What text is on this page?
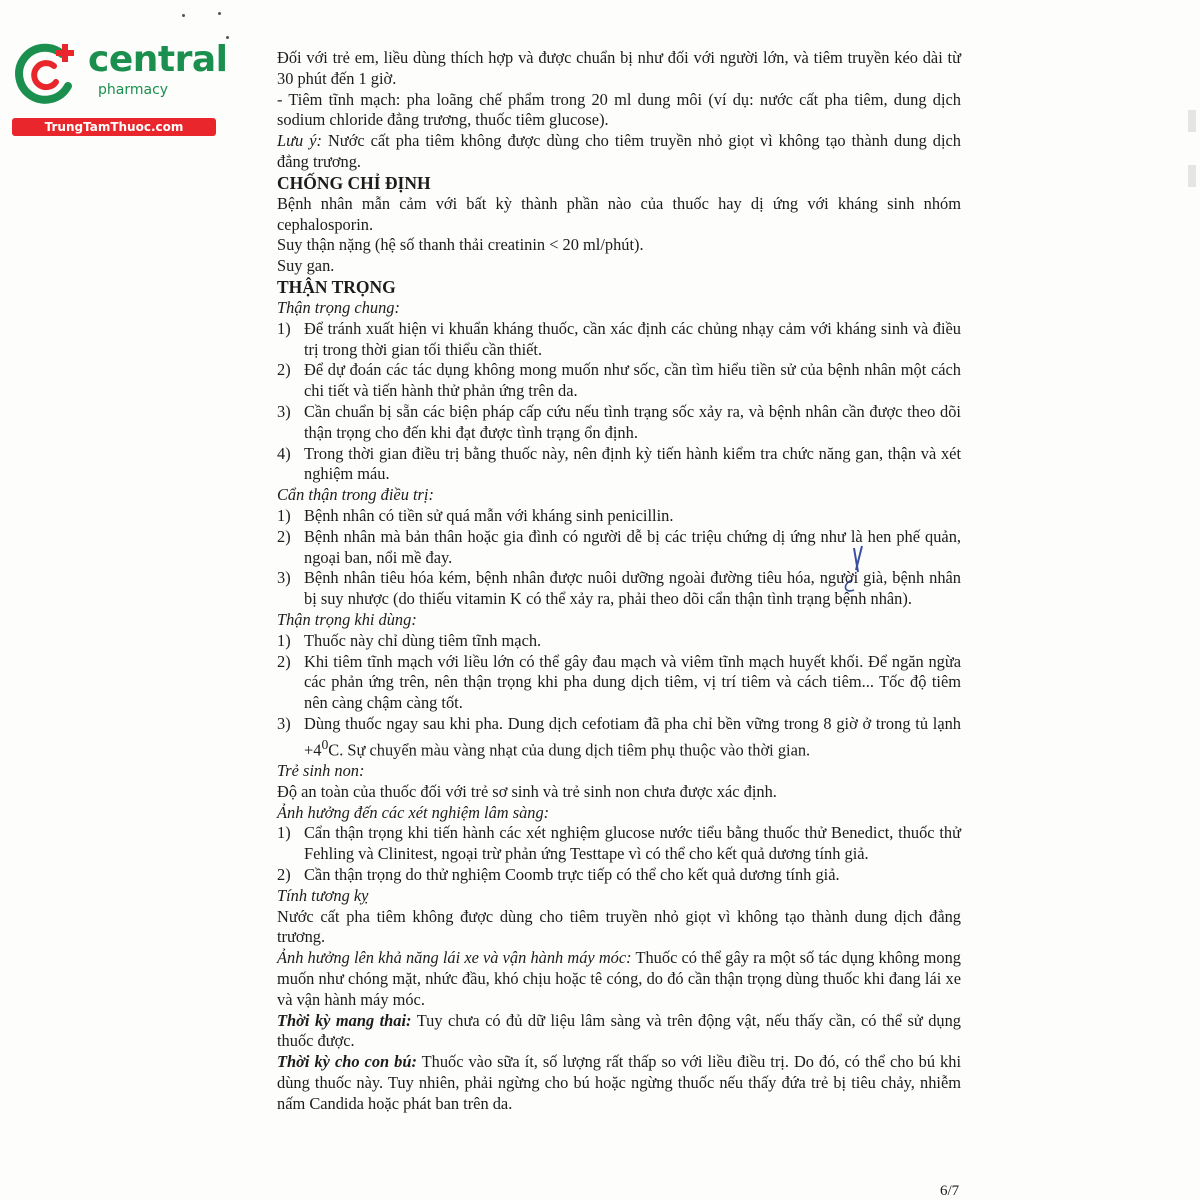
central
pharmacy
TrungTamThuoc.com

Đối với trẻ em, liều dùng thích hợp và được chuẩn bị như đối với người lớn, và tiêm truyền kéo dài từ 30 phút đến 1 giờ.

- Tiêm tĩnh mạch: pha loãng chế phẩm trong 20 ml dung môi (ví dụ: nước cất pha tiêm, dung dịch sodium chloride đẳng trương, thuốc tiêm glucose).

Lưu ý: Nước cất pha tiêm không được dùng cho tiêm truyền nhỏ giọt vì không tạo thành dung dịch đẳng trương.

CHỐNG CHỈ ĐỊNH

Bệnh nhân mẫn cảm với bất kỳ thành phần nào của thuốc hay dị ứng với kháng sinh nhóm cephalosporin.

Suy thận nặng (hệ số thanh thải creatinin < 20 ml/phút).

Suy gan.

THẬN TRỌNG

Thận trọng chung:

1) Để tránh xuất hiện vi khuẩn kháng thuốc, cần xác định các chủng nhạy cảm với kháng sinh và điều trị trong thời gian tối thiểu cần thiết.
2) Để dự đoán các tác dụng không mong muốn như sốc, cần tìm hiểu tiền sử của bệnh nhân một cách chi tiết và tiến hành thử phản ứng trên da.
3) Cần chuẩn bị sẵn các biện pháp cấp cứu nếu tình trạng sốc xảy ra, và bệnh nhân cần được theo dõi thận trọng cho đến khi đạt được tình trạng ổn định.
4) Trong thời gian điều trị bằng thuốc này, nên định kỳ tiến hành kiểm tra chức năng gan, thận và xét nghiệm máu.

Cẩn thận trong điều trị:

1) Bệnh nhân có tiền sử quá mẫn với kháng sinh penicillin.
2) Bệnh nhân mà bản thân hoặc gia đình có người dễ bị các triệu chứng dị ứng như là hen phế quản, ngoại ban, nổi mề đay.
3) Bệnh nhân tiêu hóa kém, bệnh nhân được nuôi dưỡng ngoài đường tiêu hóa, người già, bệnh nhân bị suy nhược (do thiếu vitamin K có thể xảy ra, phải theo dõi cẩn thận tình trạng bệnh nhân).

Thận trọng khi dùng:

1) Thuốc này chỉ dùng tiêm tĩnh mạch.
2) Khi tiêm tĩnh mạch với liều lớn có thể gây đau mạch và viêm tĩnh mạch huyết khối. Để ngăn ngừa các phản ứng trên, nên thận trọng khi pha dung dịch tiêm, vị trí tiêm và cách tiêm... Tốc độ tiêm nên càng chậm càng tốt.
3) Dùng thuốc ngay sau khi pha. Dung dịch cefotiam đã pha chỉ bền vững trong 8 giờ ở trong tủ lạnh $+4^0C$. Sự chuyển màu vàng nhạt của dung dịch tiêm phụ thuộc vào thời gian.

Trẻ sinh non:

Độ an toàn của thuốc đối với trẻ sơ sinh và trẻ sinh non chưa được xác định.

Ảnh hưởng đến các xét nghiệm lâm sàng:

1) Cẩn thận trọng khi tiến hành các xét nghiệm glucose nước tiểu bằng thuốc thử Benedict, thuốc thử Fehling và Clinitest, ngoại trừ phản ứng Testtape vì có thể cho kết quả dương tính giả.
2) Cần thận trọng do thử nghiệm Coomb trực tiếp có thể cho kết quả dương tính giả.

Tính tương kỵ

Nước cất pha tiêm không được dùng cho tiêm truyền nhỏ giọt vì không tạo thành dung dịch đẳng trương.

Ảnh hưởng lên khả năng lái xe và vận hành máy móc: Thuốc có thể gây ra một số tác dụng không mong muốn như chóng mặt, nhức đầu, khó chịu hoặc tê cóng, do đó cần thận trọng dùng thuốc khi đang lái xe và vận hành máy móc.

Thời kỳ mang thai: Tuy chưa có đủ dữ liệu lâm sàng và trên động vật, nếu thấy cần, có thể sử dụng thuốc được.

Thời kỳ cho con bú: Thuốc vào sữa ít, số lượng rất thấp so với liều điều trị. Do đó, có thể cho bú khi dùng thuốc này. Tuy nhiên, phải ngừng cho bú hoặc ngừng thuốc nếu thấy đứa trẻ bị tiêu chảy, nhiễm nấm Candida hoặc phát ban trên da.

6/7
